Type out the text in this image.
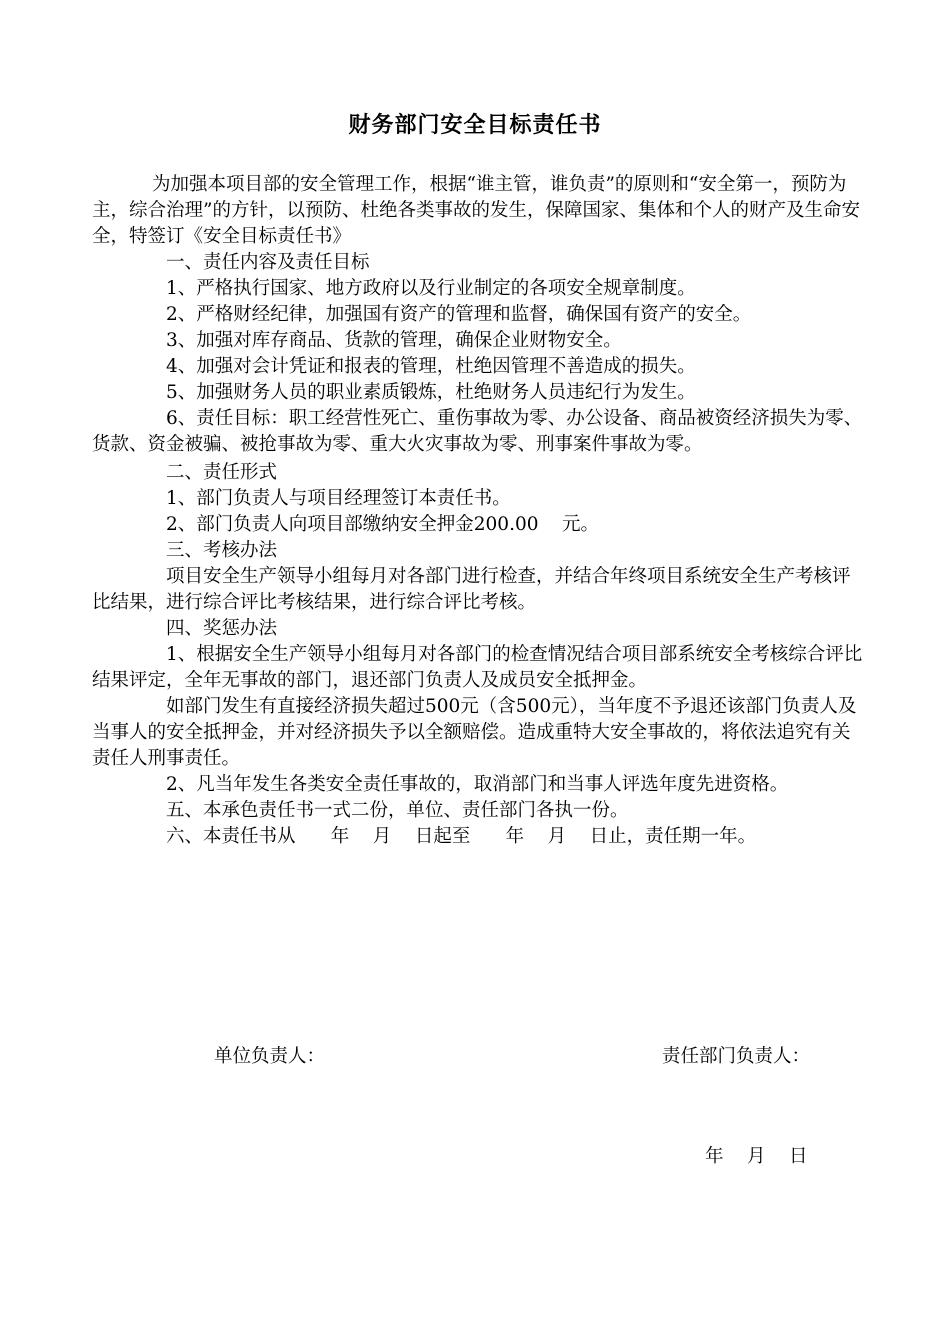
财务部门安全目标责任书

为加强本项目部的安全管理工作，根据“谁主管，谁负责”的原则和“安全第一，预防为主，综合治理”的方针，以预防、杜绝各类事故的发生，保障国家、集体和个人的财产及生命安全，特签订《安全目标责任书》

一、责任内容及责任目标

1、严格执行国家、地方政府以及行业制定的各项安全规章制度。

2、严格财经纪律，加强国有资产的管理和监督，确保国有资产的安全。

3、加强对库存商品、货款的管理，确保企业财物安全。

4、加强对会计凭证和报表的管理，杜绝因管理不善造成的损失。

5、加强财务人员的职业素质锻炼，杜绝财务人员违纪行为发生。

6、责任目标：职工经营性死亡、重伤事故为零、办公设备、商品被资经济损失为零、货款、资金被骗、被抢事故为零、重大火灾事故为零、刑事案件事故为零。

二、责任形式

1、部门负责人与项目经理签订本责任书。

2、部门负责人向项目部缴纳安全押金200.00    元。

三、考核办法

项目安全生产领导小组每月对各部门进行检查，并结合年终项目系统安全生产考核评比结果，进行综合评比考核结果，进行综合评比考核。

四、奖惩办法

1、根据安全生产领导小组每月对各部门的检查情况结合项目部系统安全考核综合评比结果评定，全年无事故的部门，退还部门负责人及成员安全抵押金。

如部门发生有直接经济损失超过500元（含500元），当年度不予退还该部门负责人及当事人的安全抵押金，并对经济损失予以全额赔偿。造成重特大安全事故的，将依法追究有关责任人刑事责任。

2、凡当年发生各类安全责任事故的，取消部门和当事人评选年度先进资格。

五、本承色责任书一式二份，单位、责任部门各执一份。

六、本责任书从      年    月    日起至      年    月    日止，责任期一年。

单位负责人：	责任部门负责人：
年    月    日
